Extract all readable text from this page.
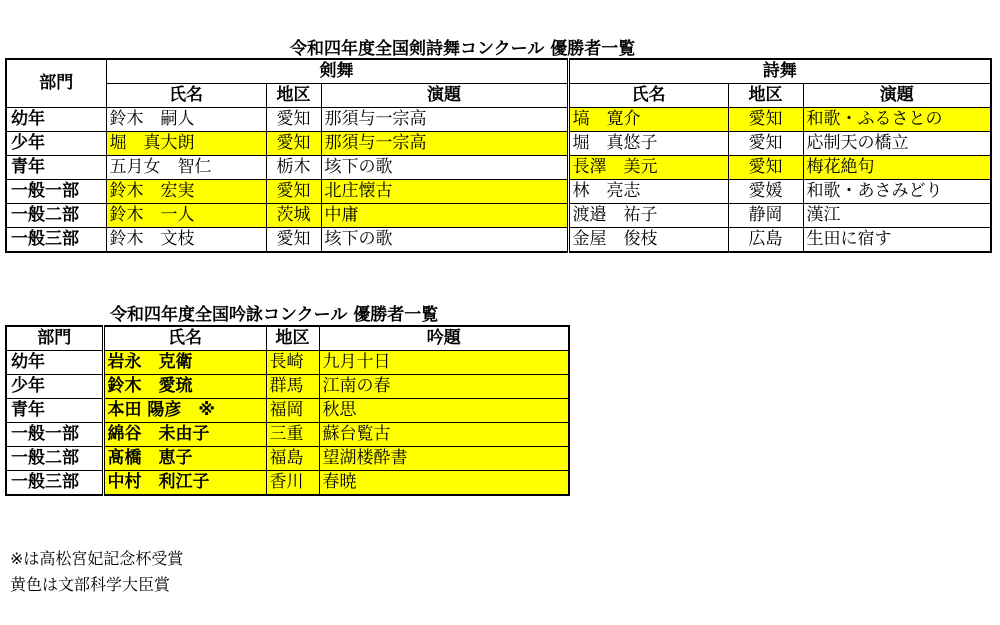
令和四年度全国剣詩舞コンクール 優勝者一覧
部門	剣舞			詩舞		
	氏名	地区	演題	氏名	地区	演題
幼年	鈴木　嗣人	愛知	那須与一宗高	塙　寛介	愛知	和歌・ふるさとの
少年	堀　真大朗	愛知	那須与一宗高	堀　真悠子	愛知	応制天の橋立
青年	五月女　智仁	栃木	垓下の歌	長澤　美元	愛知	梅花絶句
一般一部	鈴木　宏実	愛知	北庄懐古	林　亮志	愛媛	和歌・あさみどり
一般二部	鈴木　一人	茨城	中庸	渡邉　祐子	静岡	漢江
一般三部	鈴木　文枝	愛知	垓下の歌	金屋　俊枝	広島	生田に宿す
令和四年度全国吟詠コンクール 優勝者一覧
部門	氏名	地区	吟題
幼年	岩永　克衛	長崎	九月十日
少年	鈴木　愛琉	群馬	江南の春
青年	本田 陽彦　※	福岡	秋思
一般一部	綿谷　未由子	三重	蘇台覧古
一般二部	髙橋　恵子	福島	望湖楼酔書
一般三部	中村　利江子	香川	春暁
※は高松宮妃記念杯受賞
黄色は文部科学大臣賞
